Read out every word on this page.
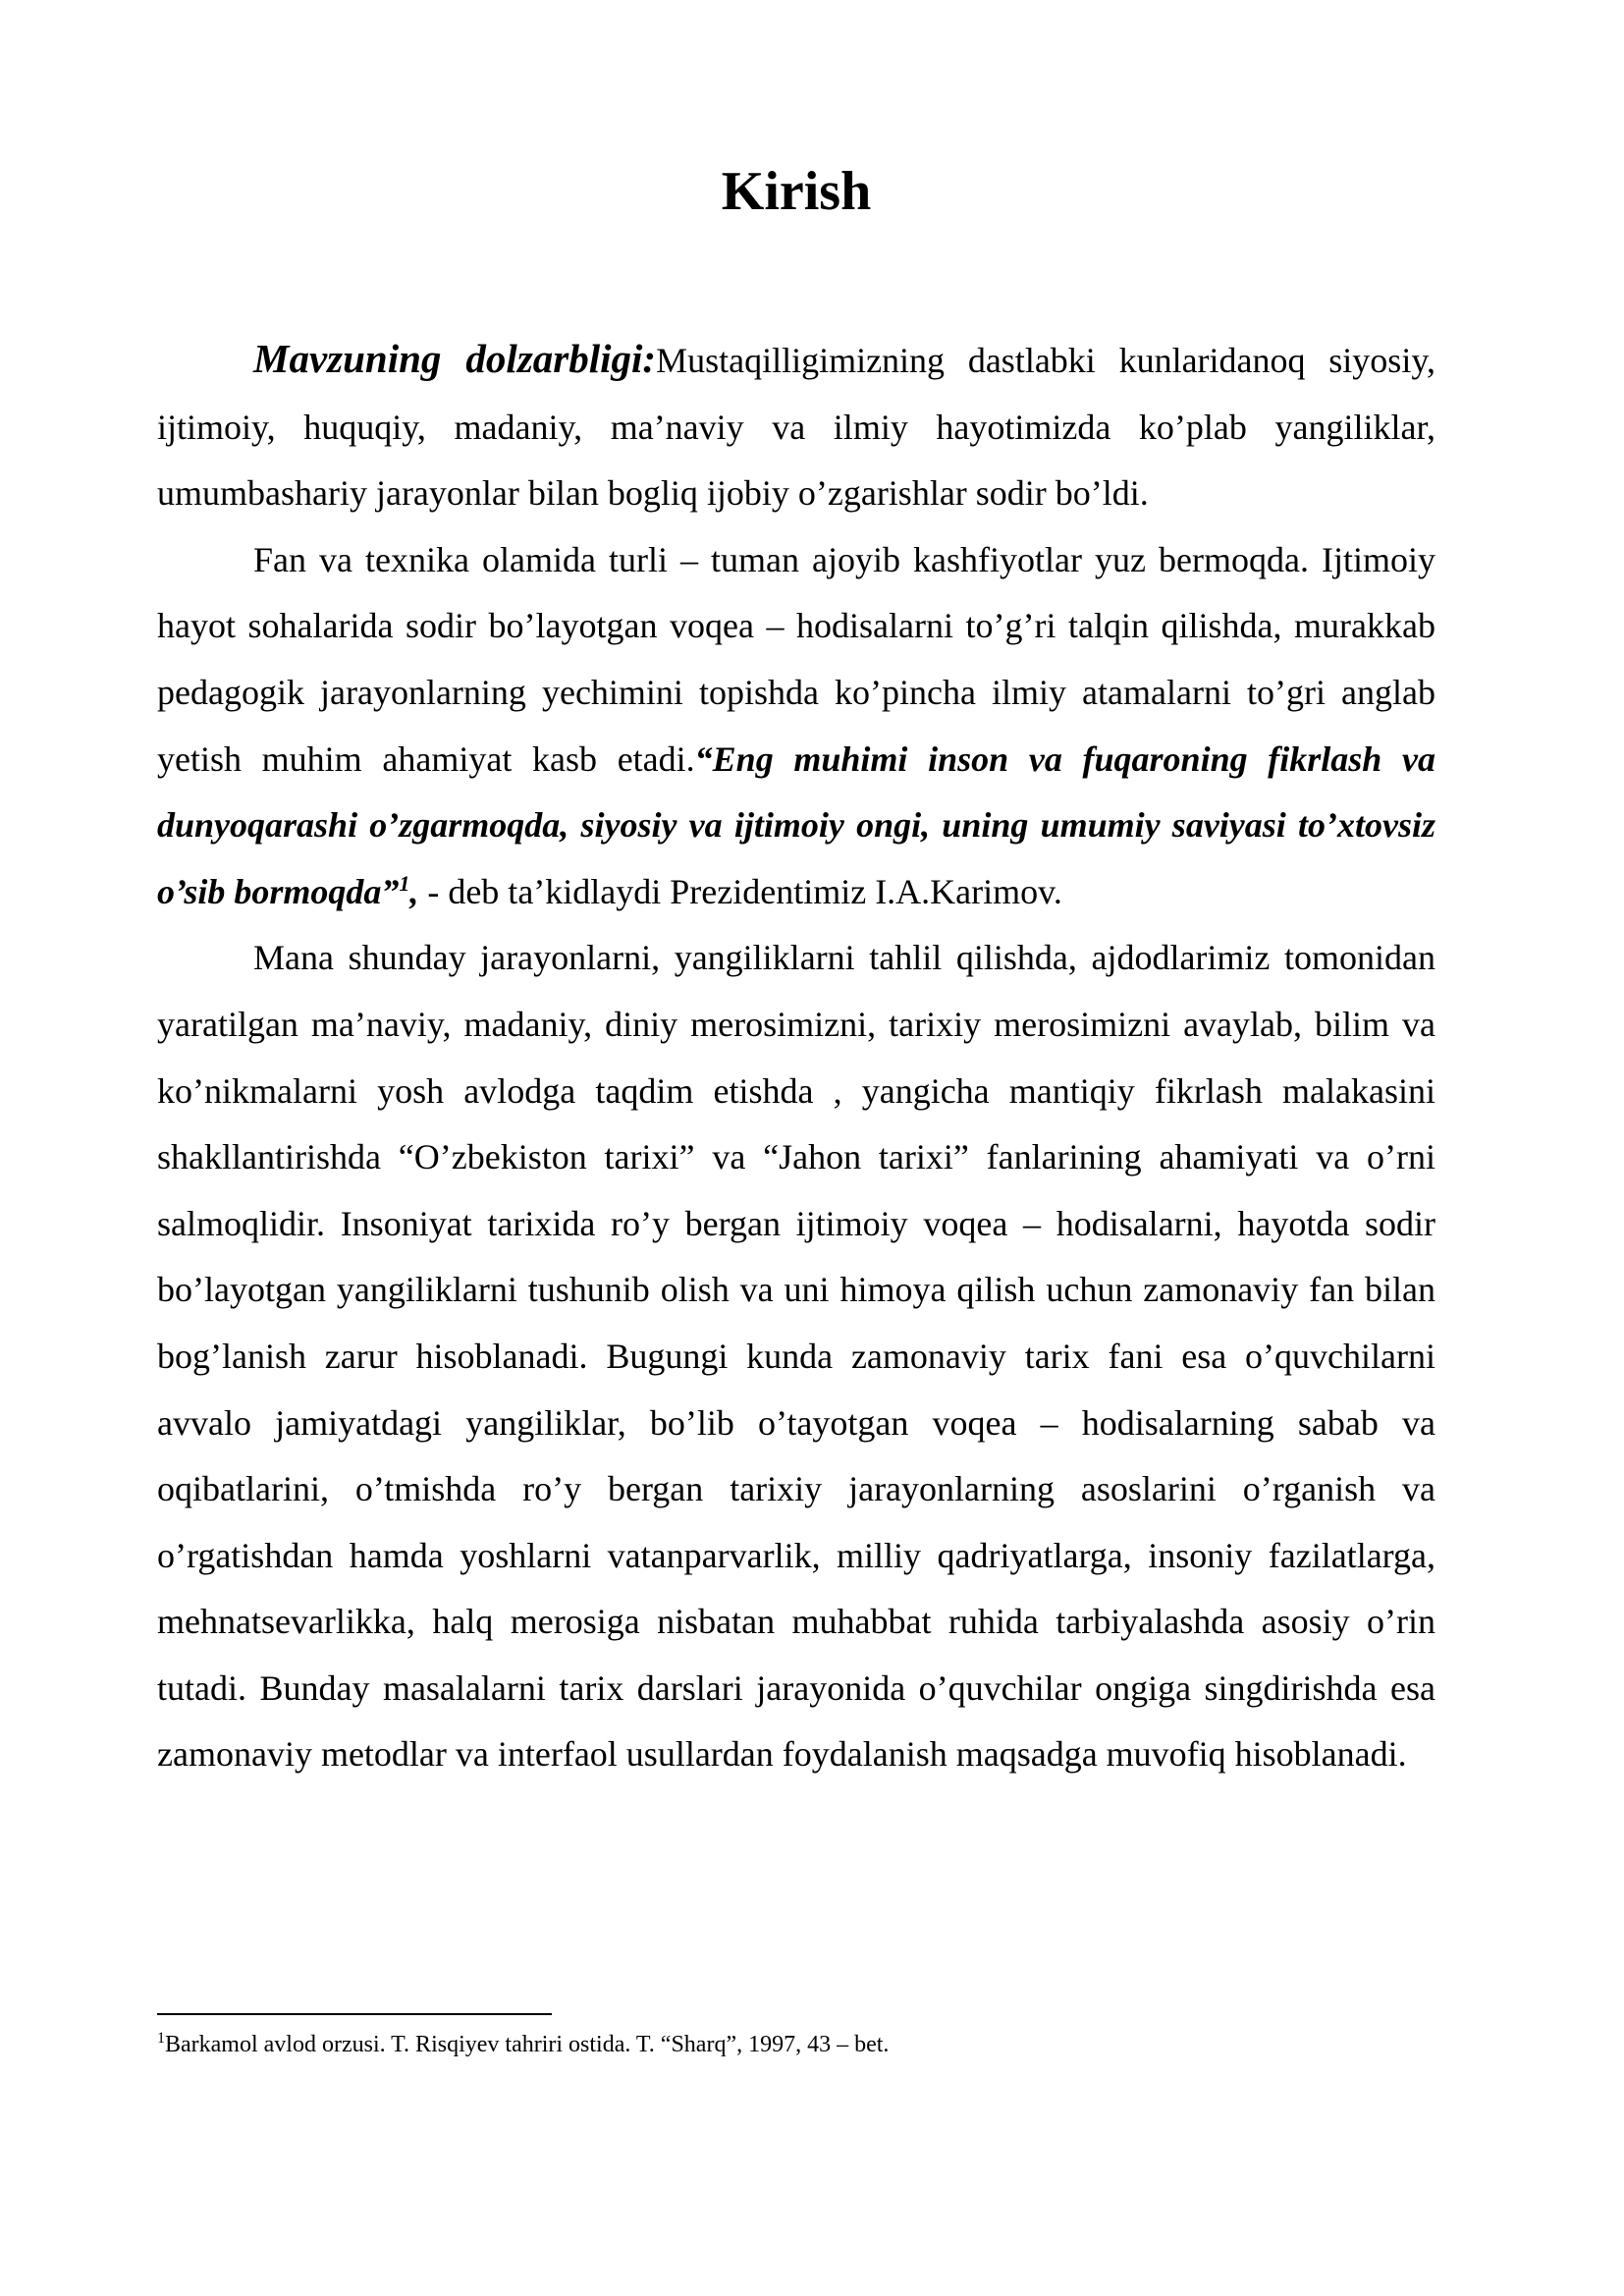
Kirish

Mavzuning dolzarbligi:Mustaqilligimizning dastlabki kunlaridanoq siyosiy, ijtimoiy, huquqiy, madaniy, ma’naviy va ilmiy hayotimizda ko’plab yangiliklar, umumbashariy jarayonlar bilan bogliq ijobiy o’zgarishlar sodir bo’ldi.

Fan va texnika olamida turli – tuman ajoyib kashfiyotlar yuz bermoqda. Ijtimoiy hayot sohalarida sodir bo’layotgan voqea – hodisalarni to’g’ri talqin qilishda, murakkab pedagogik jarayonlarning yechimini topishda ko’pincha ilmiy atamalarni to’gri anglab yetish muhim ahamiyat kasb etadi.“Eng muhimi inson va fuqaroning fikrlash va dunyoqarashi o’zgarmoqda, siyosiy va ijtimoiy ongi, uning umumiy saviyasi to’xtovsiz o’sib bormoqda”$^1$, - deb ta’kidlaydi Prezidentimiz I.A.Karimov.

Mana shunday jarayonlarni, yangiliklarni tahlil qilishda, ajdodlarimiz tomonidan yaratilgan ma’naviy, madaniy, diniy merosimizni, tarixiy merosimizni avaylab, bilim va ko’nikmalarni yosh avlodga taqdim etishda , yangicha mantiqiy fikrlash malakasini shakllantirishda “O’zbekiston tarixi” va “Jahon tarixi” fanlarining ahamiyati va o’rni salmoqlidir. Insoniyat tarixida ro’y bergan ijtimoiy voqea – hodisalarni, hayotda sodir bo’layotgan yangiliklarni tushunib olish va uni himoya qilish uchun zamonaviy fan bilan bog’lanish zarur hisoblanadi. Bugungi kunda zamonaviy tarix fani esa o’quvchilarni avvalo jamiyatdagi yangiliklar, bo’lib o’tayotgan voqea – hodisalarning sabab va oqibatlarini, o’tmishda ro’y bergan tarixiy jarayonlarning asoslarini o’rganish va o’rgatishdan hamda yoshlarni vatanparvarlik, milliy qadriyatlarga, insoniy fazilatlarga, mehnatsevarlikka, halq merosiga nisbatan muhabbat ruhida tarbiyalashda asosiy o’rin tutadi. Bunday masalalarni tarix darslari jarayonida o’quvchilar ongiga singdirishda esa zamonaviy metodlar va interfaol usullardan foydalanish maqsadga muvofiq hisoblanadi.

$^1$Barkamol avlod orzusi. T. Risqiyev tahriri ostida. T. “Sharq”, 1997, 43 – bet.
